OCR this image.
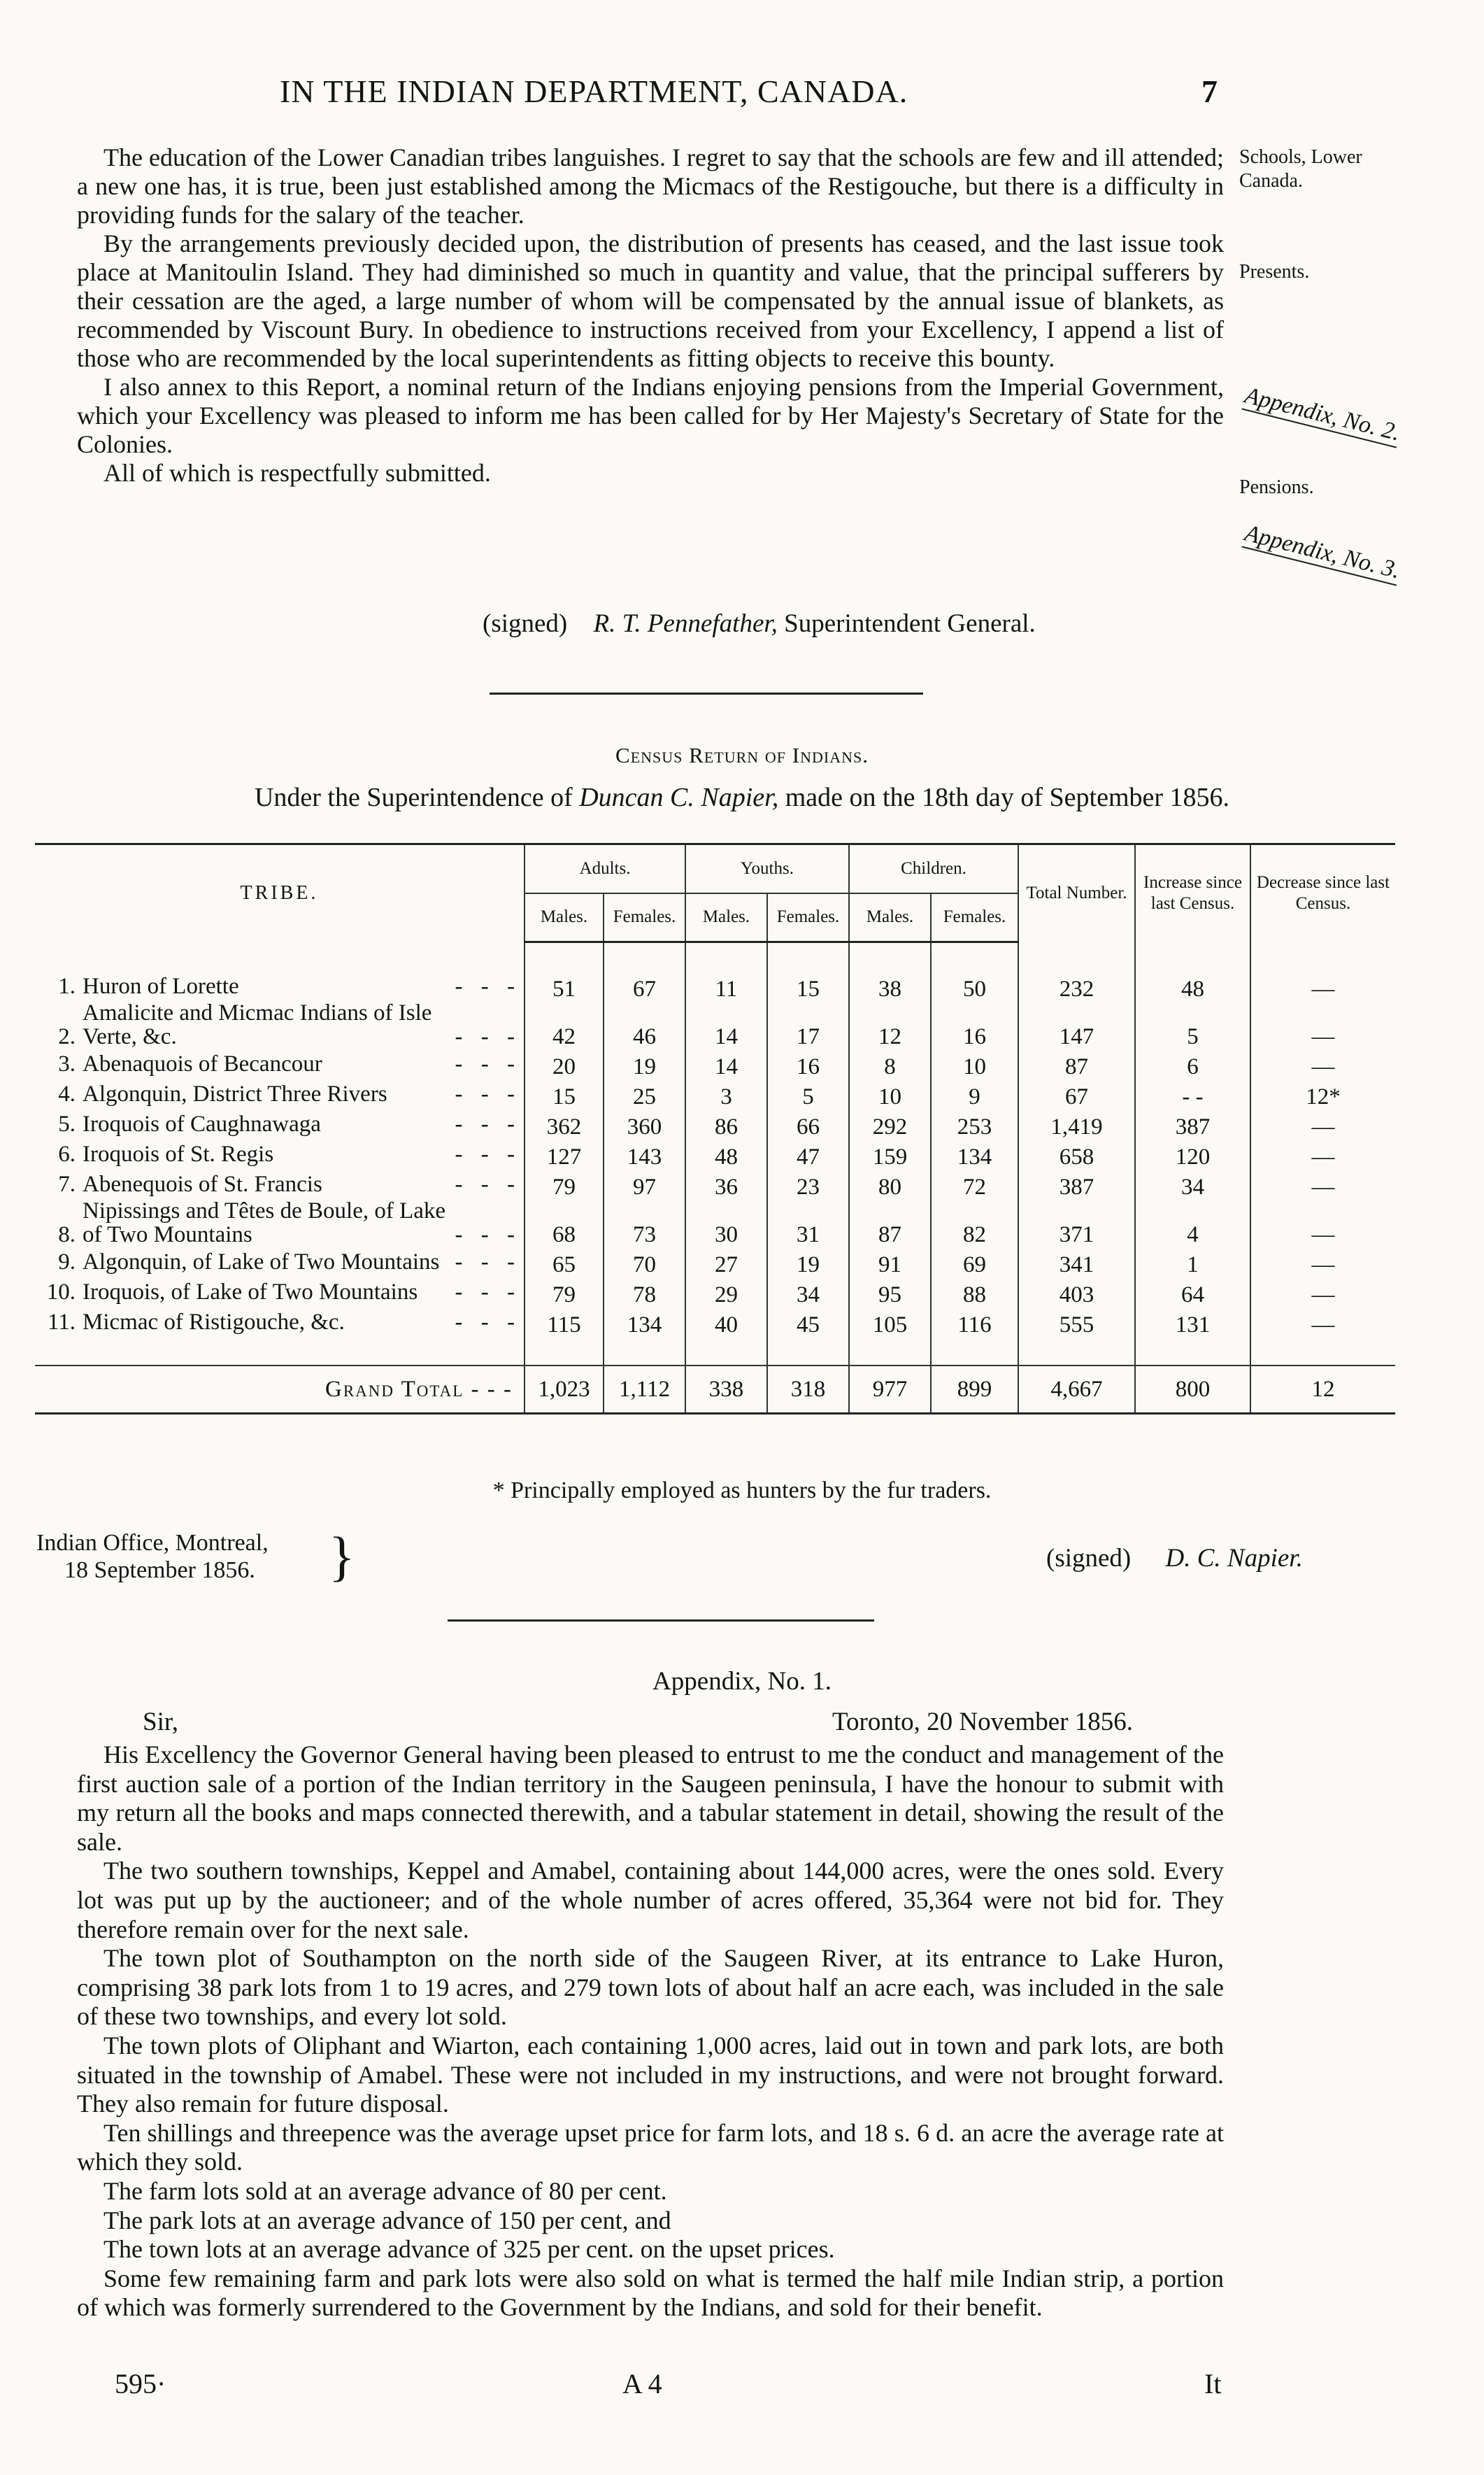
IN THE INDIAN DEPARTMENT, CANADA.	7

The education of the Lower Canadian tribes languishes. I regret to say that the schools are few and ill attended; a new one has, it is true, been just established among the Micmacs of the Restigouche, but there is a difficulty in providing funds for the salary of the teacher.

By the arrangements previously decided upon, the distribution of presents has ceased, and the last issue took place at Manitoulin Island. They had diminished so much in quantity and value, that the principal sufferers by their cessation are the aged, a large number of whom will be compensated by the annual issue of blankets, as recommended by Viscount Bury. In obedience to instructions received from your Excellency, I append a list of those who are recommended by the local superintendents as fitting objects to receive this bounty.

I also annex to this Report, a nominal return of the Indians enjoying pensions from the Imperial Government, which your Excellency was pleased to inform me has been called for by Her Majesty's Secretary of State for the Colonies.

All of which is respectfully submitted.

(signed) R. T. Pennefather, Superintendent General.
Schools, Lower Canada.
Presents.
Appendix, No. 2.
Pensions.
Appendix, No. 3.
Census Return of Indians.
Under the Superintendence of Duncan C. Napier, made on the 18th day of September 1856.
TRIBE.	Adults.		Youths.		Children.		Total Number.	Increase since last Census.	Decrease since last Census.
	Males.	Females.	Males.	Females.	Males.	Females.			

1. Huron of Lorette - - -	51	67	11	15	38	50	232	48	—

2.
Amalicite and Micmac Indians of Isle Verte, &c. - - -	42	46	14	17	12	16	147	5	—

3. Abenaquois of Becancour - - -	20	19	14	16	8	10	87	6	—

4. Algonquin, District Three Rivers - - -	15	25	3	5	10	9	67	- -	12*

5. Iroquois of Caughnawaga - - -	362	360	86	66	292	253	1,419	387	—

6. Iroquois of St. Regis - - -	127	143	48	47	159	134	658	120	—

7. Abenequois of St. Francis - - -	79	97	36	23	80	72	387	34	—

8.
Nipissings and Têtes de Boule, of Lake of Two Mountains - - -	68	73	30	31	87	82	371	4	—

9. Algonquin, of Lake of Two Mountains - - -	65	70	27	19	91	69	341	1	—

10. Iroquois, of Lake of Two Mountains - - -	79	78	29	34	95	88	403	64	—

11. Micmac of Ristigouche, &c. - - -	115	134	40	45	105	116	555	131	—

Grand Total - - -	1,023	1,112	338	318	977	899	4,667	800	12
* Principally employed as hunters by the fur traders.
Indian Office, Montreal,
18 September 1856. }	(signed) D. C. Napier.
Appendix, No. 1.
Sir,	Toronto, 20 November 1856.

His Excellency the Governor General having been pleased to entrust to me the conduct and management of the first auction sale of a portion of the Indian territory in the Saugeen peninsula, I have the honour to submit with my return all the books and maps connected therewith, and a tabular statement in detail, showing the result of the sale.

The two southern townships, Keppel and Amabel, containing about 144,000 acres, were the ones sold. Every lot was put up by the auctioneer; and of the whole number of acres offered, 35,364 were not bid for. They therefore remain over for the next sale.

The town plot of Southampton on the north side of the Saugeen River, at its entrance to Lake Huron, comprising 38 park lots from 1 to 19 acres, and 279 town lots of about half an acre each, was included in the sale of these two townships, and every lot sold.

The town plots of Oliphant and Wiarton, each containing 1,000 acres, laid out in town and park lots, are both situated in the township of Amabel. These were not included in my instructions, and were not brought forward. They also remain for future disposal.

Ten shillings and threepence was the average upset price for farm lots, and 18 s. 6 d. an acre the average rate at which they sold.

The farm lots sold at an average advance of 80 per cent.

The park lots at an average advance of 150 per cent, and

The town lots at an average advance of 325 per cent. on the upset prices.

Some few remaining farm and park lots were also sold on what is termed the half mile Indian strip, a portion of which was formerly surrendered to the Government by the Indians, and sold for their benefit.

595·	A 4	It
